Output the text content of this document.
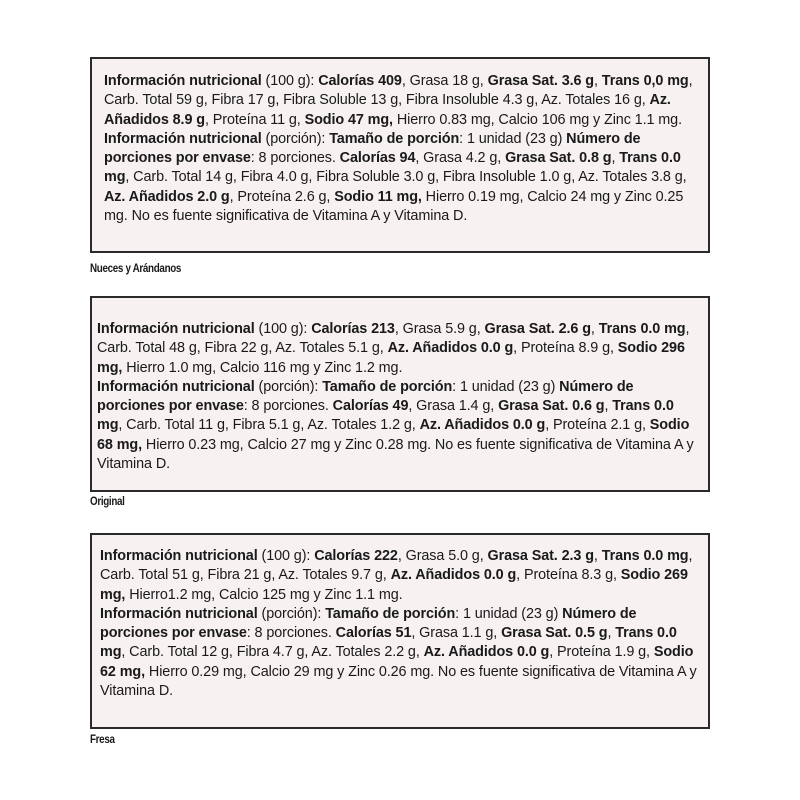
Información nutricional (100 g): Calorías 409, Grasa 18 g, Grasa Sat. 3.6 g, Trans 0,0 mg, Carb. Total 59 g, Fibra 17 g, Fibra Soluble 13 g, Fibra Insoluble 4.3 g, Az. Totales 16 g, Az. Añadidos 8.9 g, Proteína 11 g, Sodio 47 mg, Hierro 0.83 mg, Calcio 106 mg y Zinc 1.1 mg.
Información nutricional (porción): Tamaño de porción: 1 unidad (23 g) Número de porciones por envase: 8 porciones. Calorías 94, Grasa 4.2 g, Grasa Sat. 0.8 g, Trans 0.0 mg, Carb. Total 14 g, Fibra 4.0 g, Fibra Soluble 3.0 g, Fibra Insoluble 1.0 g, Az. Totales 3.8 g, Az. Añadidos 2.0 g, Proteína 2.6 g, Sodio 11 mg, Hierro 0.19 mg, Calcio 24 mg y Zinc 0.25 mg. No es fuente significativa de Vitamina A y Vitamina D.

Nueces y Arándanos

Información nutricional (100 g): Calorías 213, Grasa 5.9 g, Grasa Sat. 2.6 g, Trans 0.0 mg, Carb. Total 48 g, Fibra 22 g, Az. Totales 5.1 g, Az. Añadidos 0.0 g, Proteína 8.9 g, Sodio 296 mg, Hierro 1.0 mg, Calcio 116 mg y Zinc 1.2 mg.
Información nutricional (porción): Tamaño de porción: 1 unidad (23 g) Número de porciones por envase: 8 porciones. Calorías 49, Grasa 1.4 g, Grasa Sat. 0.6 g, Trans 0.0 mg, Carb. Total 11 g, Fibra 5.1 g, Az. Totales 1.2 g, Az. Añadidos 0.0 g, Proteína 2.1 g, Sodio 68 mg, Hierro 0.23 mg, Calcio 27 mg y Zinc 0.28 mg. No es fuente significativa de Vitamina A y Vitamina D.

Original

Información nutricional (100 g): Calorías 222, Grasa 5.0 g, Grasa Sat. 2.3 g, Trans 0.0 mg, Carb. Total 51 g, Fibra 21 g, Az. Totales 9.7 g, Az. Añadidos 0.0 g, Proteína 8.3 g, Sodio 269 mg, Hierro1.2 mg, Calcio 125 mg y Zinc 1.1 mg.
Información nutricional (porción): Tamaño de porción: 1 unidad (23 g) Número de porciones por envase: 8 porciones. Calorías 51, Grasa 1.1 g, Grasa Sat. 0.5 g, Trans 0.0 mg, Carb. Total 12 g, Fibra 4.7 g, Az. Totales 2.2 g, Az. Añadidos 0.0 g, Proteína 1.9 g, Sodio 62 mg, Hierro 0.29 mg, Calcio 29 mg y Zinc 0.26 mg. No es fuente significativa de Vitamina A y Vitamina D.

Fresa
